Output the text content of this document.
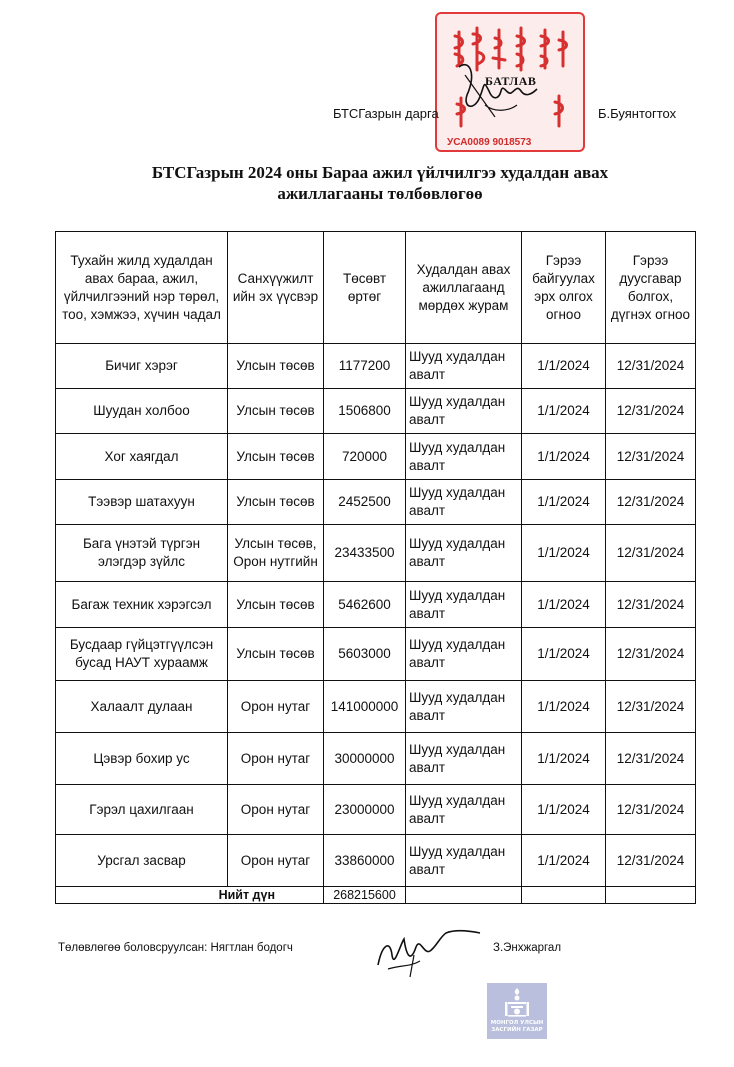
БАТЛАВ
УСА0089 9018573
БТСГазрын дарга	Б.Буянтогтох
БТСГазрын 2024 оны Бараа ажил үйлчилгээ худалдан авах
ажиллагааны төлбөвлөгөө
Тухайн жилд худалдан авах бараа, ажил, үйлчилгээний нэр төрөл, тоо, хэмжээ, хүчин чадал	Санхүүжилт ийн эх үүсвэр	Төсөвт өртөг	Худалдан авах ажиллагаанд мөрдөх журам	Гэрээ байгуулах эрх олгох огноо	Гэрээ дуусгавар болгох, дүгнэх огноо
Бичиг хэрэг	Улсын төсөв	1177200	Шууд худалдан авалт	1/1/2024	12/31/2024
Шуудан холбоо	Улсын төсөв	1506800	Шууд худалдан авалт	1/1/2024	12/31/2024
Хог хаягдал	Улсын төсөв	720000	Шууд худалдан авалт	1/1/2024	12/31/2024
Тээвэр шатахуун	Улсын төсөв	2452500	Шууд худалдан авалт	1/1/2024	12/31/2024
Бага үнэтэй түргэн элэгдэр зүйлс	Улсын төсөв, Орон нутгийн	23433500	Шууд худалдан авалт	1/1/2024	12/31/2024
Багаж техник хэрэгсэл	Улсын төсөв	5462600	Шууд худалдан авалт	1/1/2024	12/31/2024
Бусдаар гүйцэтгүүлсэн бусад НАУТ хураамж	Улсын төсөв	5603000	Шууд худалдан авалт	1/1/2024	12/31/2024
Халаалт дулаан	Орон нутаг	141000000	Шууд худалдан авалт	1/1/2024	12/31/2024
Цэвэр бохир ус	Орон нутаг	30000000	Шууд худалдан авалт	1/1/2024	12/31/2024
Гэрэл цахилгаан	Орон нутаг	23000000	Шууд худалдан авалт	1/1/2024	12/31/2024
Урсгал засвар	Орон нутаг	33860000	Шууд худалдан авалт	1/1/2024	12/31/2024
Нийт дүн		268215600			
Төлөвлөгөө боловсруулсан: Нягтлан бодогч	З.Энхжаргал
МОНГОЛ УЛСЫН
ЗАСГИЙН ГАЗАР
